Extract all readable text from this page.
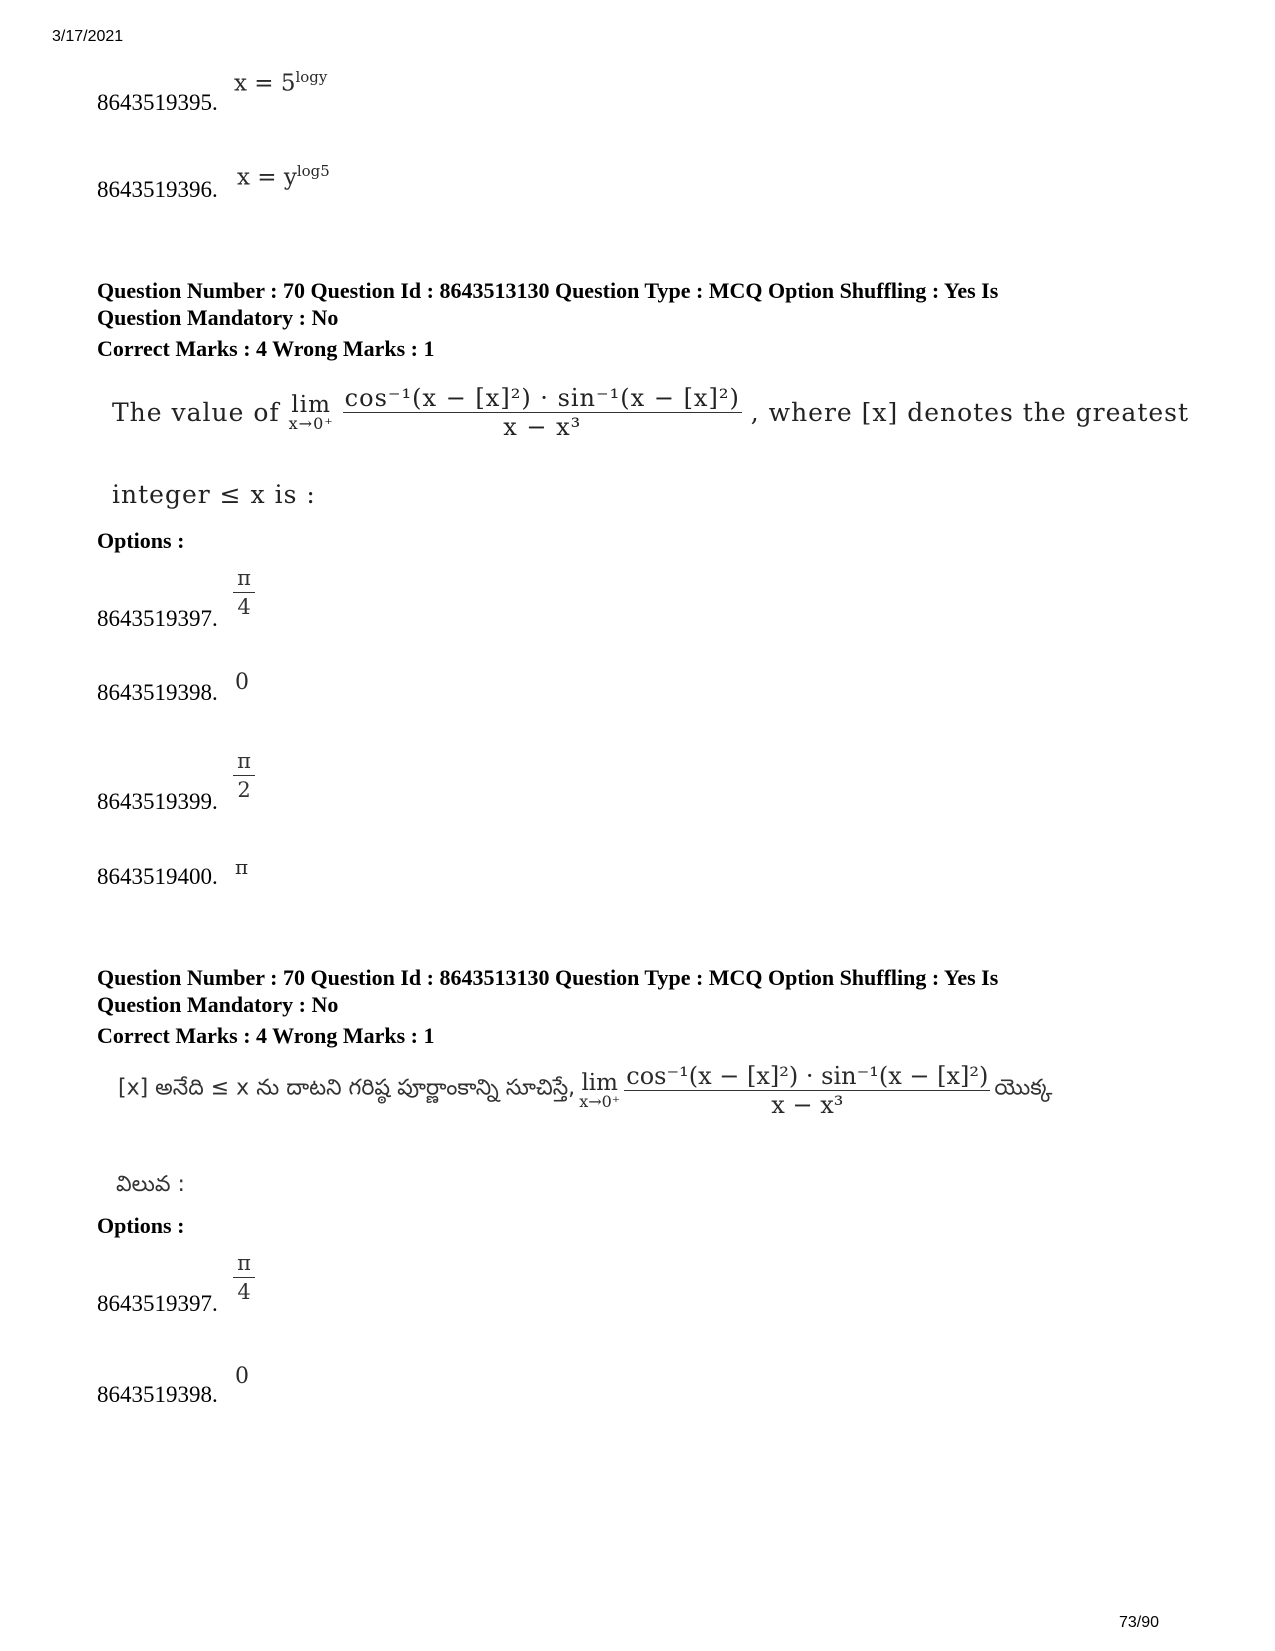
3/17/2021
73/90
8643519395.
$x = 5^{logy}$
8643519396. $x = y^{log5}$
Question Number : 70 Question Id : 8643513130 Question Type : MCQ Option Shuffling : Yes Is
Question Mandatory : No
Correct Marks : 4 Wrong Marks : 1
The value of lim
x→0⁺
$\frac{\text{cos⁻¹(x − [x]²) · sin⁻¹(x − [x]²)}}{\text{x − x³}}$ , where [x] denotes the greatest
integer ≤ x is :
Options :
8643519397.
π
4
8643519398. 0
8643519399.
π
2
8643519400. π
Question Number : 70 Question Id : 8643513130 Question Type : MCQ Option Shuffling : Yes Is
Question Mandatory : No
Correct Marks : 4 Wrong Marks : 1
[x] అనేది ≤ x ను దాటని గరిష్ఠ పూర్ణాంకాన్ని సూచిస్తే, lim
x→0⁺
$\frac{\text{cos⁻¹(x − [x]²) · sin⁻¹(x − [x]²)}}{\text{x − x³}}$ యొక్క
విలువ :
Options :
8643519397.
π
4
8643519398.
0
